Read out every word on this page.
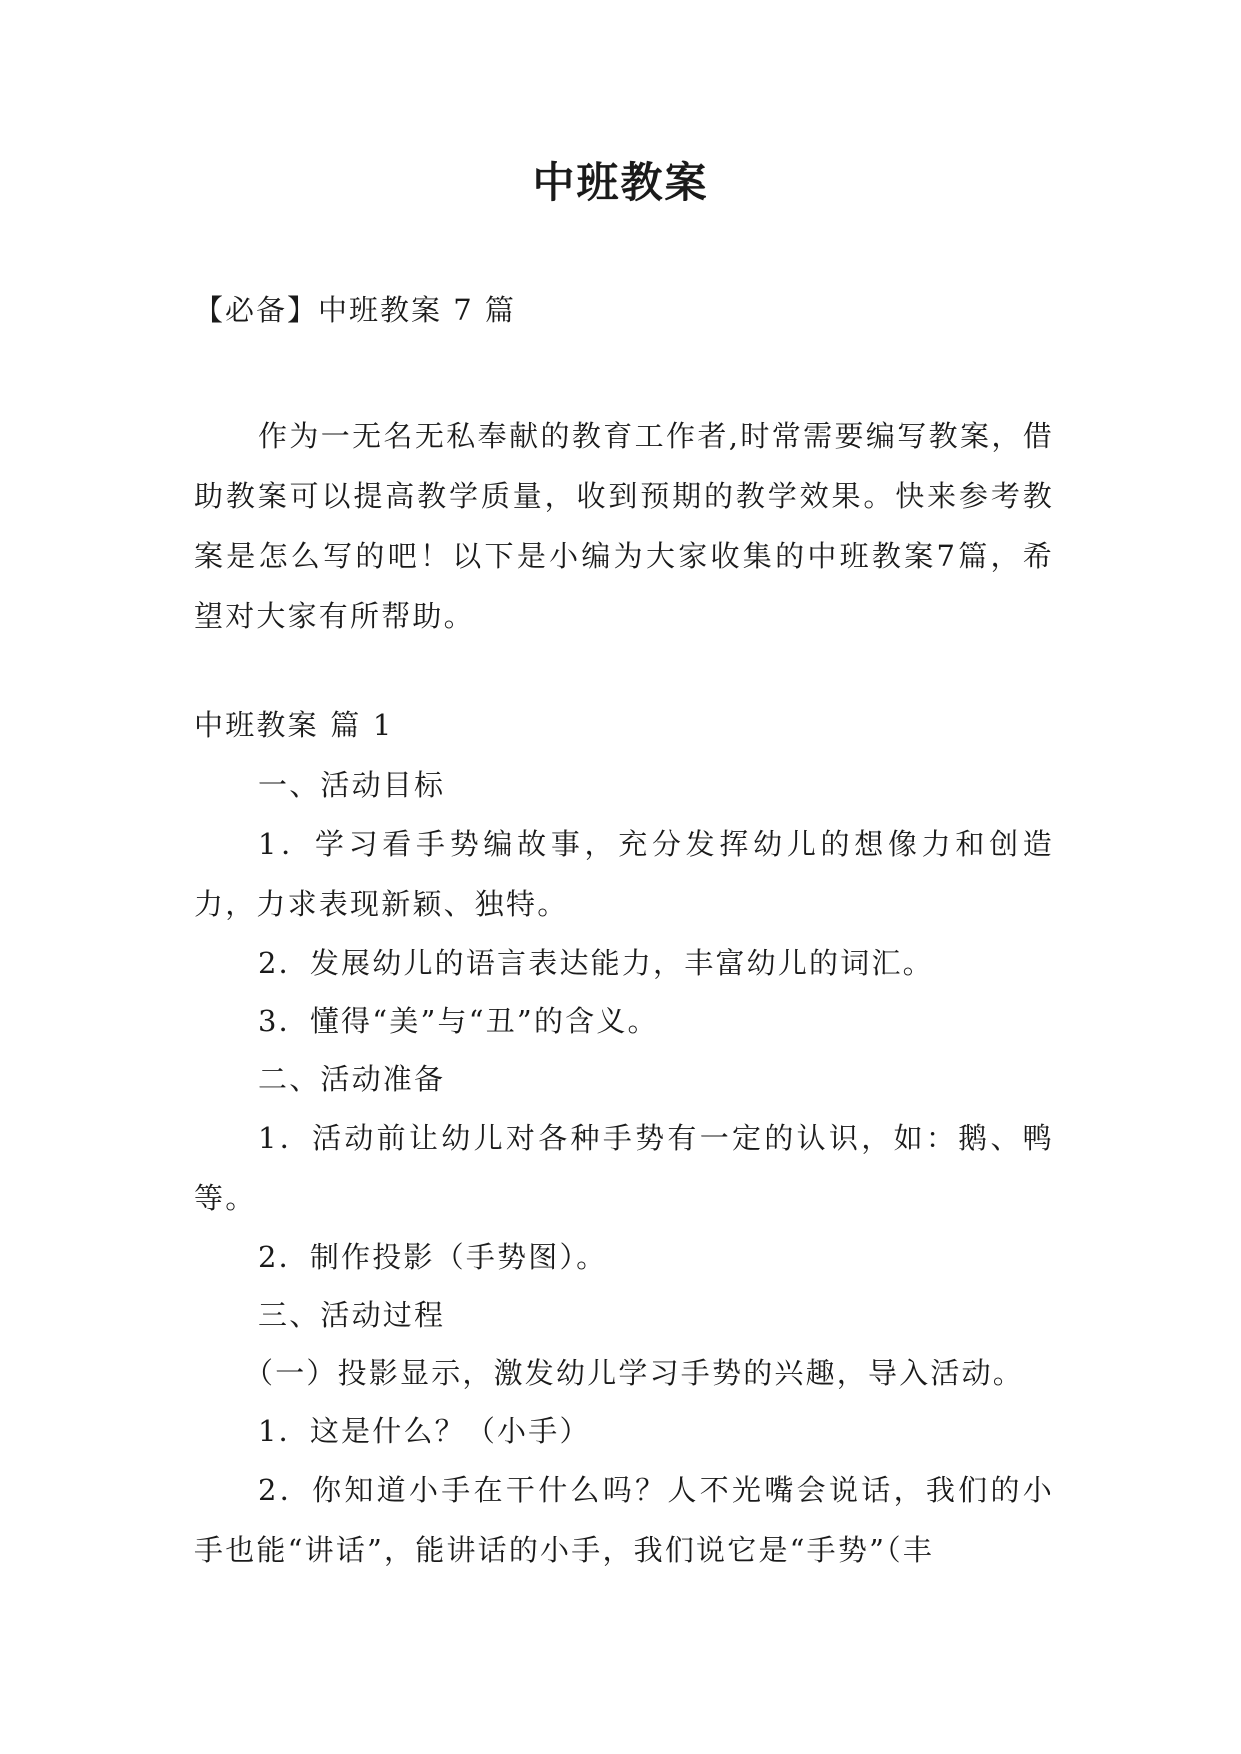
中班教案
【必备】中班教案 7 篇
作为一无名无私奉献的教育工作者,时常需要编写教案，借助教案可以提高教学质量，收到预期的教学效果。快来参考教案是怎么写的吧！以下是小编为大家收集的中班教案7篇，希望对大家有所帮助。

中班教案 篇 1

一、活动目标

1．学习看手势编故事，充分发挥幼儿的想像力和创造力，力求表现新颖、独特。

2．发展幼儿的语言表达能力，丰富幼儿的词汇。

3．懂得“美”与“丑”的含义。

二、活动准备

1．活动前让幼儿对各种手势有一定的认识，如：鹅、鸭等。

2．制作投影（手势图）。

三、活动过程

（一）投影显示，激发幼儿学习手势的兴趣，导入活动。

1．这是什么？（小手）

2．你知道小手在干什么吗？人不光嘴会说话，我们的小手也能“讲话”，能讲话的小手，我们说它是“手势”（丰
